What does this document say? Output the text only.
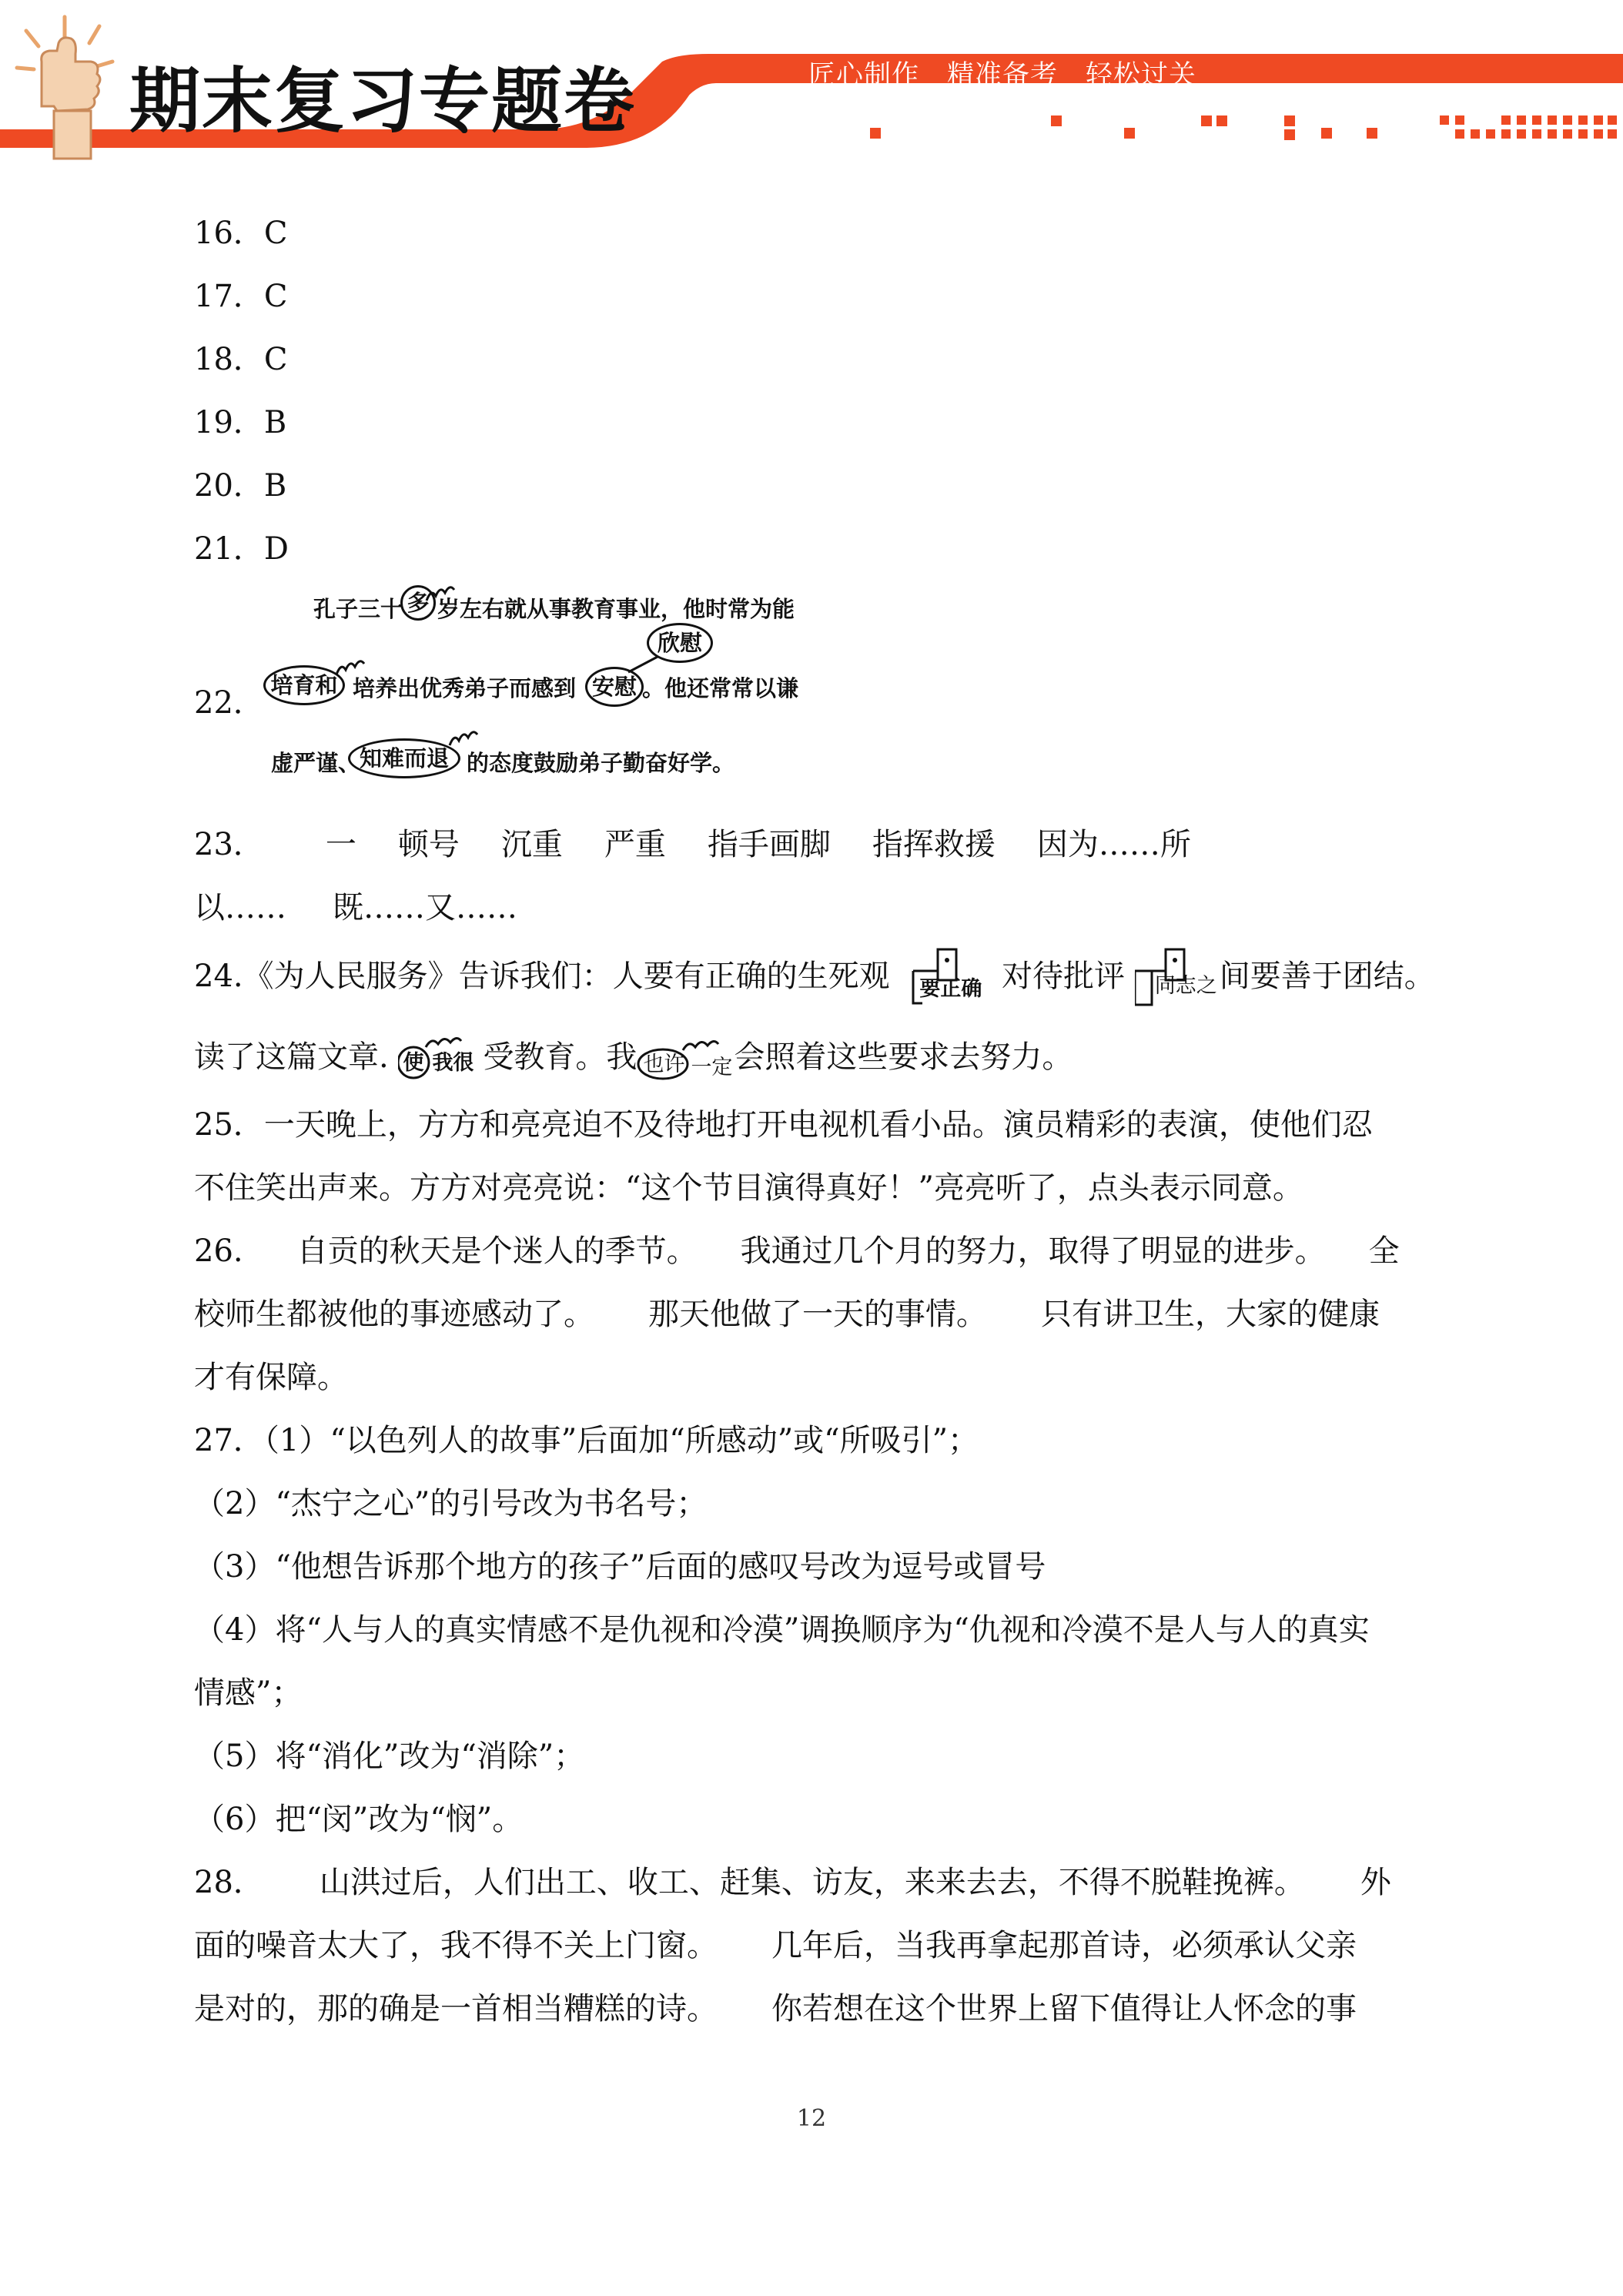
期末复习专题卷	匠心制作　精准备考　轻松过关
16．C
17．C
18．C
19．B
20．B
21．D
22．
孔子三十 多 岁左右就从事教育事业，他时常为能
培育和 培养出优秀弟子而感到 安慰
欣慰
。他还常常以谦
虚严谨、
知难而退 的态度鼓励弟子勤奋好学。
23． 一 顿号 沉重 严重 指手画脚 指挥救援 因为……所
以…… 既……又……
24.《为人民服务》告诉我们：人要有正确的生死观 要正确 对待批评 同志之 间要善于团结。
读了这篇文章. 使 我很 受教育。我 也许 一定 会照着这些要求去努力。
25．一天晚上，方方和亮亮迫不及待地打开电视机看小品。演员精彩的表演，使他们忍
不住笑出声来。方方对亮亮说：“这个节目演得真好！”亮亮听了，点头表示同意。
26. 自贡的秋天是个迷人的季节。 我通过几个月的努力，取得了明显的进步。 全
校师生都被他的事迹感动了。 那天他做了一天的事情。 只有讲卫生，大家的健康
才有保障。
27．（1）“以色列人的故事”后面加“所感动”或“所吸引”；
（2）“杰宁之心”的引号改为书名号；
（3）“他想告诉那个地方的孩子”后面的感叹号改为逗号或冒号
（4）将“人与人的真实情感不是仇视和冷漠”调换顺序为“仇视和冷漠不是人与人的真实
情感”；
（5）将“消化”改为“消除”；
（6）把“闵”改为“悯”。
28． 山洪过后，人们出工、收工、赶集、访友，来来去去，不得不脱鞋挽裤。 外
面的噪音太大了，我不得不关上门窗。 几年后，当我再拿起那首诗，必须承认父亲
是对的，那的确是一首相当糟糕的诗。 你若想在这个世界上留下值得让人怀念的事
12
